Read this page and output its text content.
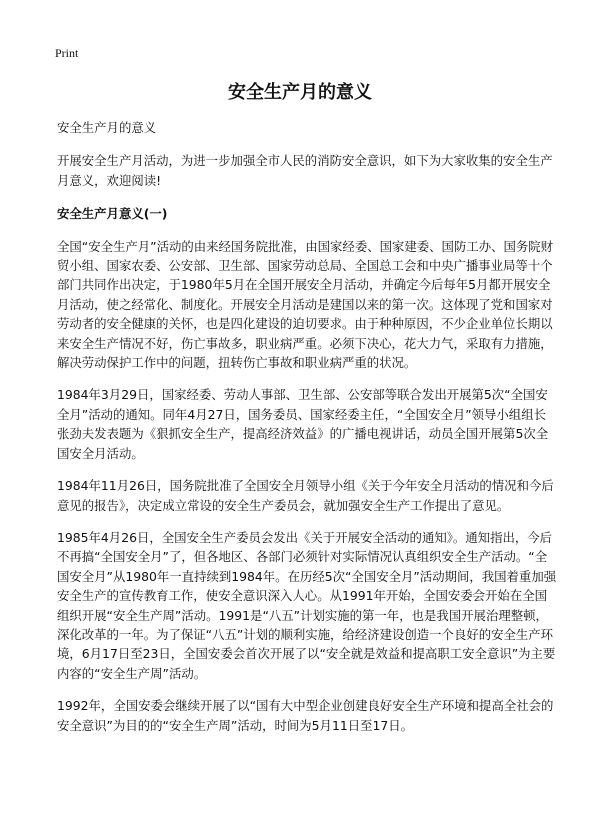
Print
安全生产月的意义

安全生产月的意义

开展安全生产月活动，为进一步加强全市人民的消防安全意识，如下为大家收集的安全生产月意义，欢迎阅读!

安全生产月意义(一)

全国“安全生产月”活动的由来经国务院批准，由国家经委、国家建委、国防工办、国务院财贸小组、国家农委、公安部、卫生部、国家劳动总局、全国总工会和中央广播事业局等十个部门共同作出决定，于1980年5月在全国开展安全月活动，并确定今后每年5月都开展安全月活动，使之经常化、制度化。开展安全月活动是建国以来的第一次。这体现了党和国家对劳动者的安全健康的关怀，也是四化建设的迫切要求。由于种种原因，不少企业单位长期以来安全生产情况不好，伤亡事故多，职业病严重。必须下决心，花大力气，采取有力措施，解决劳动保护工作中的问题，扭转伤亡事故和职业病严重的状况。

1984年3月29日，国家经委、劳动人事部、卫生部、公安部等联合发出开展第5次“全国安全月”活动的通知。同年4月27日，国务委员、国家经委主任，“全国安全月”领导小组组长张劲夫发表题为《狠抓安全生产，提高经济效益》的广播电视讲话，动员全国开展第5次全国安全月活动。

1984年11月26日，国务院批准了全国安全月领导小组《关于今年安全月活动的情况和今后意见的报告》，决定成立常设的安全生产委员会，就加强安全生产工作提出了意见。

1985年4月26日，全国安全生产委员会发出《关于开展安全活动的通知》。通知指出，今后不再搞“全国安全月”了，但各地区、各部门必须针对实际情况认真组织安全生产活动。“全国安全月”从1980年一直持续到1984年。在历经5次“全国安全月”活动期间，我国着重加强安全生产的宣传教育工作，使安全意识深入人心。从1991年开始，全国安委会开始在全国组织开展“安全生产周”活动。1991是“八五”计划实施的第一年，也是我国开展治理整顿，深化改革的一年。为了保证“八五”计划的顺利实施，给经济建设创造一个良好的安全生产环境，6月17日至23日，全国安委会首次开展了以“安全就是效益和提高职工安全意识”为主要内容的“安全生产周”活动。

1992年，全国安委会继续开展了以“国有大中型企业创建良好安全生产环境和提高全社会的安全意识”为目的的“安全生产周”活动，时间为5月11日至17日。
